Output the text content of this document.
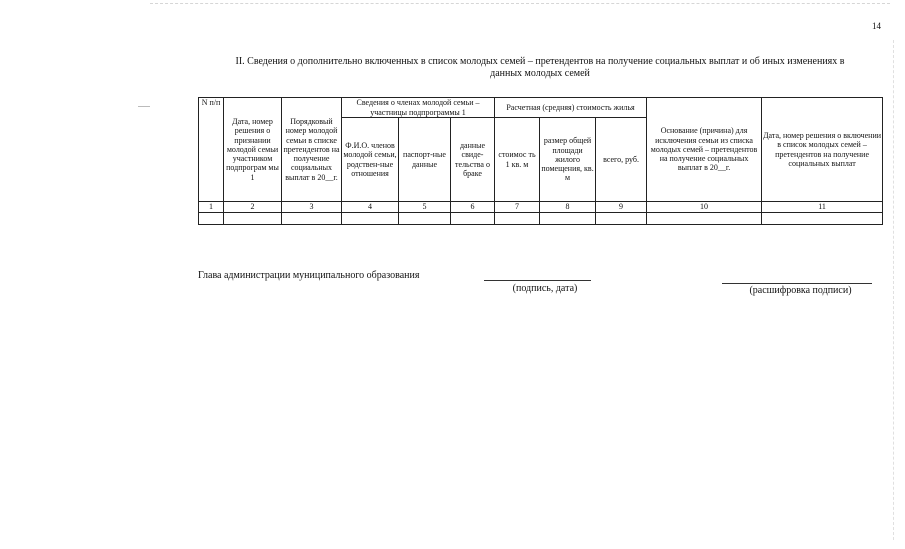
14
II. Сведения о дополнительно включенных в список молодых семей – претендентов на получение социальных выплат и об иных изменениях в
данных молодых семей
N п/п	Дата, номер решения о признании молодой семьи участником подпрограм мы 1	Порядковый номер молодой семьи в списке претендентов на получение социальных выплат в 20__г.	Сведения о членах молодой семьи – участницы подпрограммы 1			Расчетная (средняя) стоимость жилья			Основание (причина) для исключения семьи из списка молодых семей – претендентов на получение социальных выплат в 20__г.	Дата, номер решения о включении в список молодых семей – претендентов на получение социальных выплат
			Ф.И.О. членов молодой семьи, родствен-ные отношения	паспорт-ные данные	данные свиде-тельства о браке	стоимос ть 1 кв. м	размер общей площади жилого помещения, кв. м	всего, руб.		
1	2	3	4	5	6	7	8	9	10	11

Глава администрации муниципального образования
(подпись, дата)	(расшифровка подписи)
